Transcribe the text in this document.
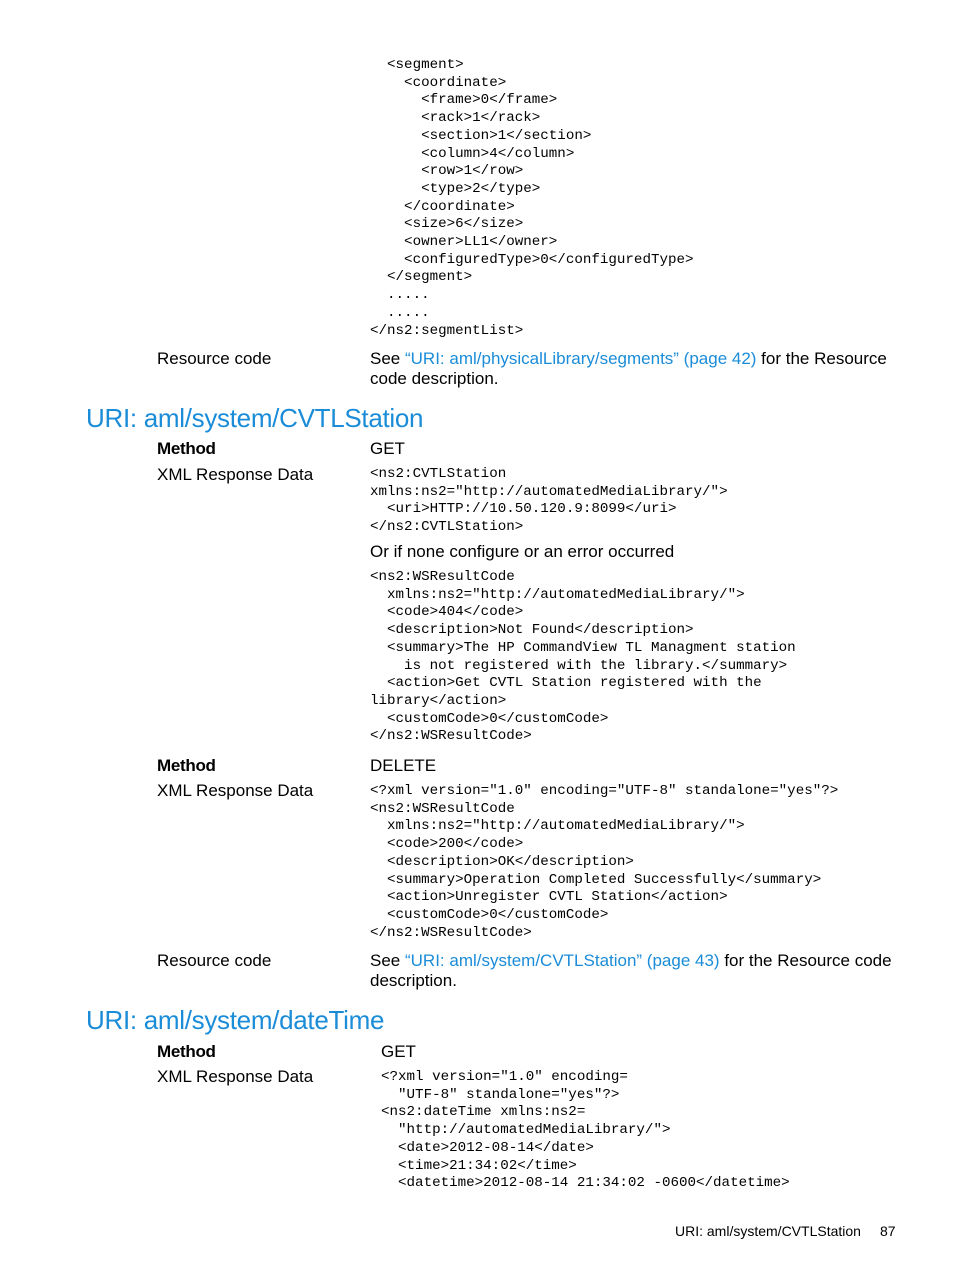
<segment>
<coordinate>
<frame>0</frame>
<rack>1</rack>
<section>1</section>
<column>4</column>
<row>1</row>
<type>2</type>
</coordinate>
<size>6</size>
<owner>LL1</owner>
<configuredType>0</configuredType>
</segment>
.....
.....
</ns2:segmentList>
Resource code	See “URI: aml/physicalLibrary/segments” (page 42) for the Resource code description.
URI: aml/system/CVTLStation
Method	GET
XML Response Data	<ns2:CVTLStation
xmlns:ns2="http://automatedMediaLibrary/">
<uri>HTTP://10.50.120.9:8099</uri>
</ns2:CVTLStation>
Or if none configure or an error occurred
<ns2:WSResultCode
xmlns:ns2="http://automatedMediaLibrary/">
<code>404</code>
<description>Not Found</description>
<summary>The HP CommandView TL Managment station
is not registered with the library.</summary>
<action>Get CVTL Station registered with the
library</action>
<customCode>0</customCode>
</ns2:WSResultCode>
Method	DELETE
XML Response Data	<?xml version="1.0" encoding="UTF-8" standalone="yes"?>
<ns2:WSResultCode
xmlns:ns2="http://automatedMediaLibrary/">
<code>200</code>
<description>OK</description>
<summary>Operation Completed Successfully</summary>
<action>Unregister CVTL Station</action>
<customCode>0</customCode>
</ns2:WSResultCode>
Resource code	See “URI: aml/system/CVTLStation” (page 43) for the Resource code description.
URI: aml/system/dateTime
Method	GET
XML Response Data	<?xml version="1.0" encoding=
"UTF-8" standalone="yes"?>
<ns2:dateTime xmlns:ns2=
"http://automatedMediaLibrary/">
<date>2012-08-14</date>
<time>21:34:02</time>
<datetime>2012-08-14 21:34:02 -0600</datetime>
URI: aml/system/CVTLStation 87
